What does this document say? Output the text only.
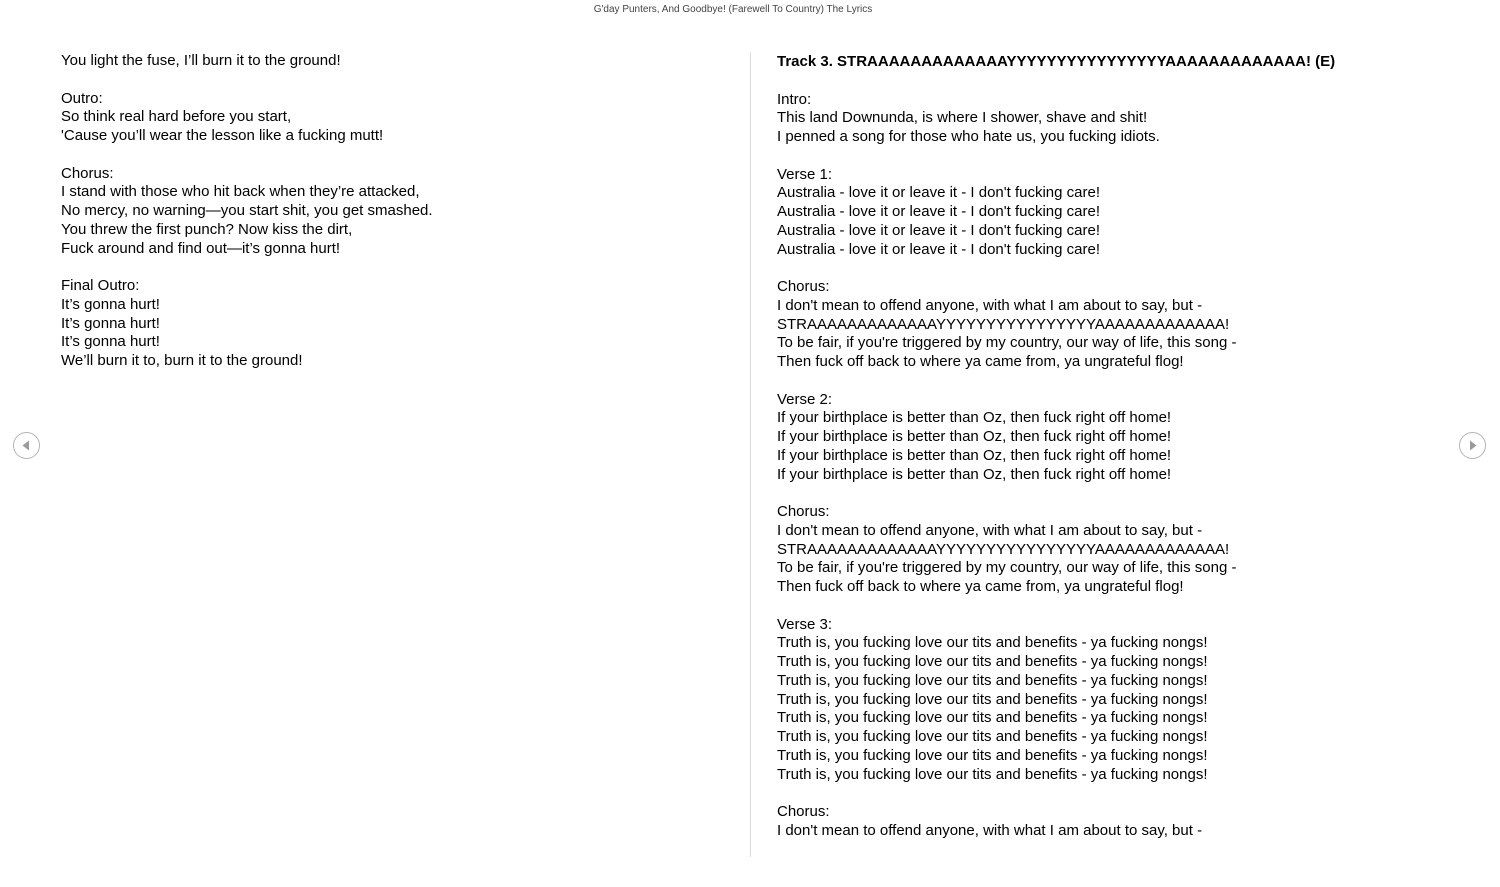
G'day Punters, And Goodbye! (Farewell To Country) The Lyrics
You light the fuse, I’ll burn it to the ground!
Outro:
So think real hard before you start,
'Cause you’ll wear the lesson like a fucking mutt!
Chorus:
I stand with those who hit back when they’re attacked,
No mercy, no warning—you start shit, you get smashed.
You threw the first punch? Now kiss the dirt,
Fuck around and find out—it’s gonna hurt!
Final Outro:
It’s gonna hurt!
It’s gonna hurt!
It’s gonna hurt!
We’ll burn it to, burn it to the ground!
Track 3. STRAAAAAAAAAAAAAYYYYYYYYYYYYYYYYAAAAAAAAAAAAA! (E)
Intro:
This land Downunda, is where I shower, shave and shit!
I penned a song for those who hate us, you fucking idiots.
Verse 1:
Australia - love it or leave it - I don't fucking care!
Australia - love it or leave it - I don't fucking care!
Australia - love it or leave it - I don't fucking care!
Australia - love it or leave it - I don't fucking care!
Chorus:
I don't mean to offend anyone, with what I am about to say, but -
STRAAAAAAAAAAAAAYYYYYYYYYYYYYYYYAAAAAAAAAAAAA!
To be fair, if you're triggered by my country, our way of life, this song -
Then fuck off back to where ya came from, ya ungrateful flog!
Verse 2:
If your birthplace is better than Oz, then fuck right off home!
If your birthplace is better than Oz, then fuck right off home!
If your birthplace is better than Oz, then fuck right off home!
If your birthplace is better than Oz, then fuck right off home!
Chorus:
I don't mean to offend anyone, with what I am about to say, but -
STRAAAAAAAAAAAAAYYYYYYYYYYYYYYYYAAAAAAAAAAAAA!
To be fair, if you're triggered by my country, our way of life, this song -
Then fuck off back to where ya came from, ya ungrateful flog!
Verse 3:
Truth is, you fucking love our tits and benefits - ya fucking nongs!
Truth is, you fucking love our tits and benefits - ya fucking nongs!
Truth is, you fucking love our tits and benefits - ya fucking nongs!
Truth is, you fucking love our tits and benefits - ya fucking nongs!
Truth is, you fucking love our tits and benefits - ya fucking nongs!
Truth is, you fucking love our tits and benefits - ya fucking nongs!
Truth is, you fucking love our tits and benefits - ya fucking nongs!
Truth is, you fucking love our tits and benefits - ya fucking nongs!
Chorus:
I don't mean to offend anyone, with what I am about to say, but -
